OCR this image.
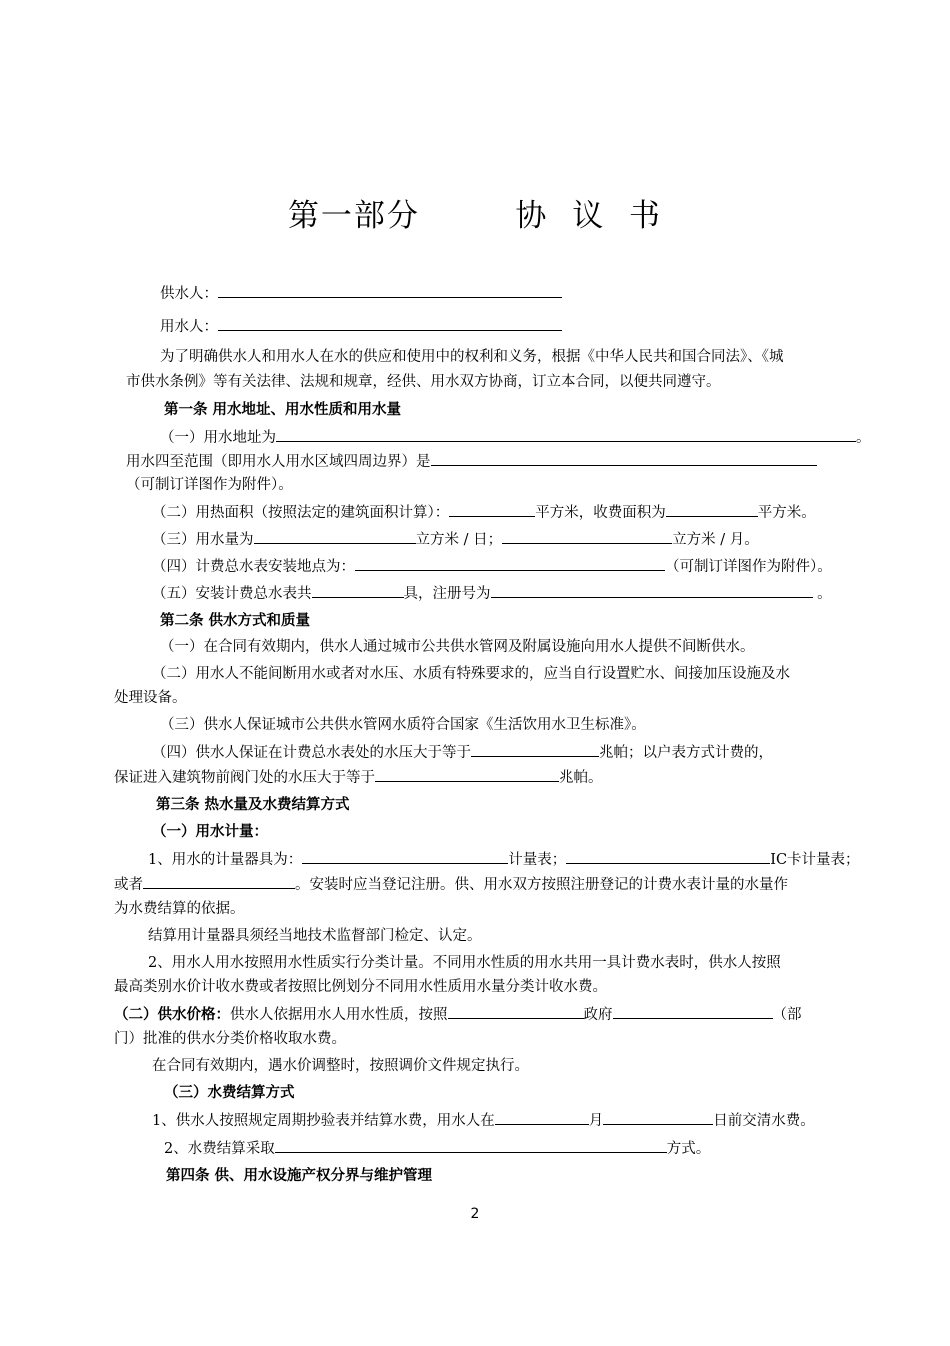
第一部分    协 议 书
供水人：
用水人：
为了明确供水人和用水人在水的供应和使用中的权利和义务，根据《中华人民共和国合同法》、《城
市供水条例》等有关法律、法规和规章，经供、用水双方协商，订立本合同，以便共同遵守。
第一条 用水地址、用水性质和用水量
（一）用水地址为	。
用水四至范围（即用水人用水区域四周边界）是
（可制订详图作为附件）。
（二）用热面积（按照法定的建筑面积计算）：	平方米，收费面积为	平方米。
（三）用水量为	立方米 / 日；	立方米 / 月。
（四）计费总水表安装地点为：	（可制订详图作为附件）。
（五）安装计费总水表共	具，注册号为	。
第二条 供水方式和质量
（一）在合同有效期内，供水人通过城市公共供水管网及附属设施向用水人提供不间断供水。
（二）用水人不能间断用水或者对水压、水质有特殊要求的，应当自行设置贮水、间接加压设施及水
处理设备。
（三）供水人保证城市公共供水管网水质符合国家《生活饮用水卫生标准》。
（四）供水人保证在计费总水表处的水压大于等于	兆帕；以户表方式计费的，
保证进入建筑物前阀门处的水压大于等于	兆帕。
第三条 热水量及水费结算方式
（一）用水计量：
1、用水的计量器具为：	计量表；	IC卡计量表；
或者	。安装时应当登记注册。供、用水双方按照注册登记的计费水表计量的水量作
为水费结算的依据。
结算用计量器具须经当地技术监督部门检定、认定。
2、用水人用水按照用水性质实行分类计量。不同用水性质的用水共用一具计费水表时，供水人按照
最高类别水价计收水费或者按照比例划分不同用水性质用水量分类计收水费。
（二）供水价格：供水人依据用水人用水性质，按照	政府	（部
门）批准的供水分类价格收取水费。
在合同有效期内，遇水价调整时，按照调价文件规定执行。
（三）水费结算方式
1、供水人按照规定周期抄验表并结算水费，用水人在	月	日前交清水费。
2、水费结算采取	方式。
第四条 供、用水设施产权分界与维护管理
2
